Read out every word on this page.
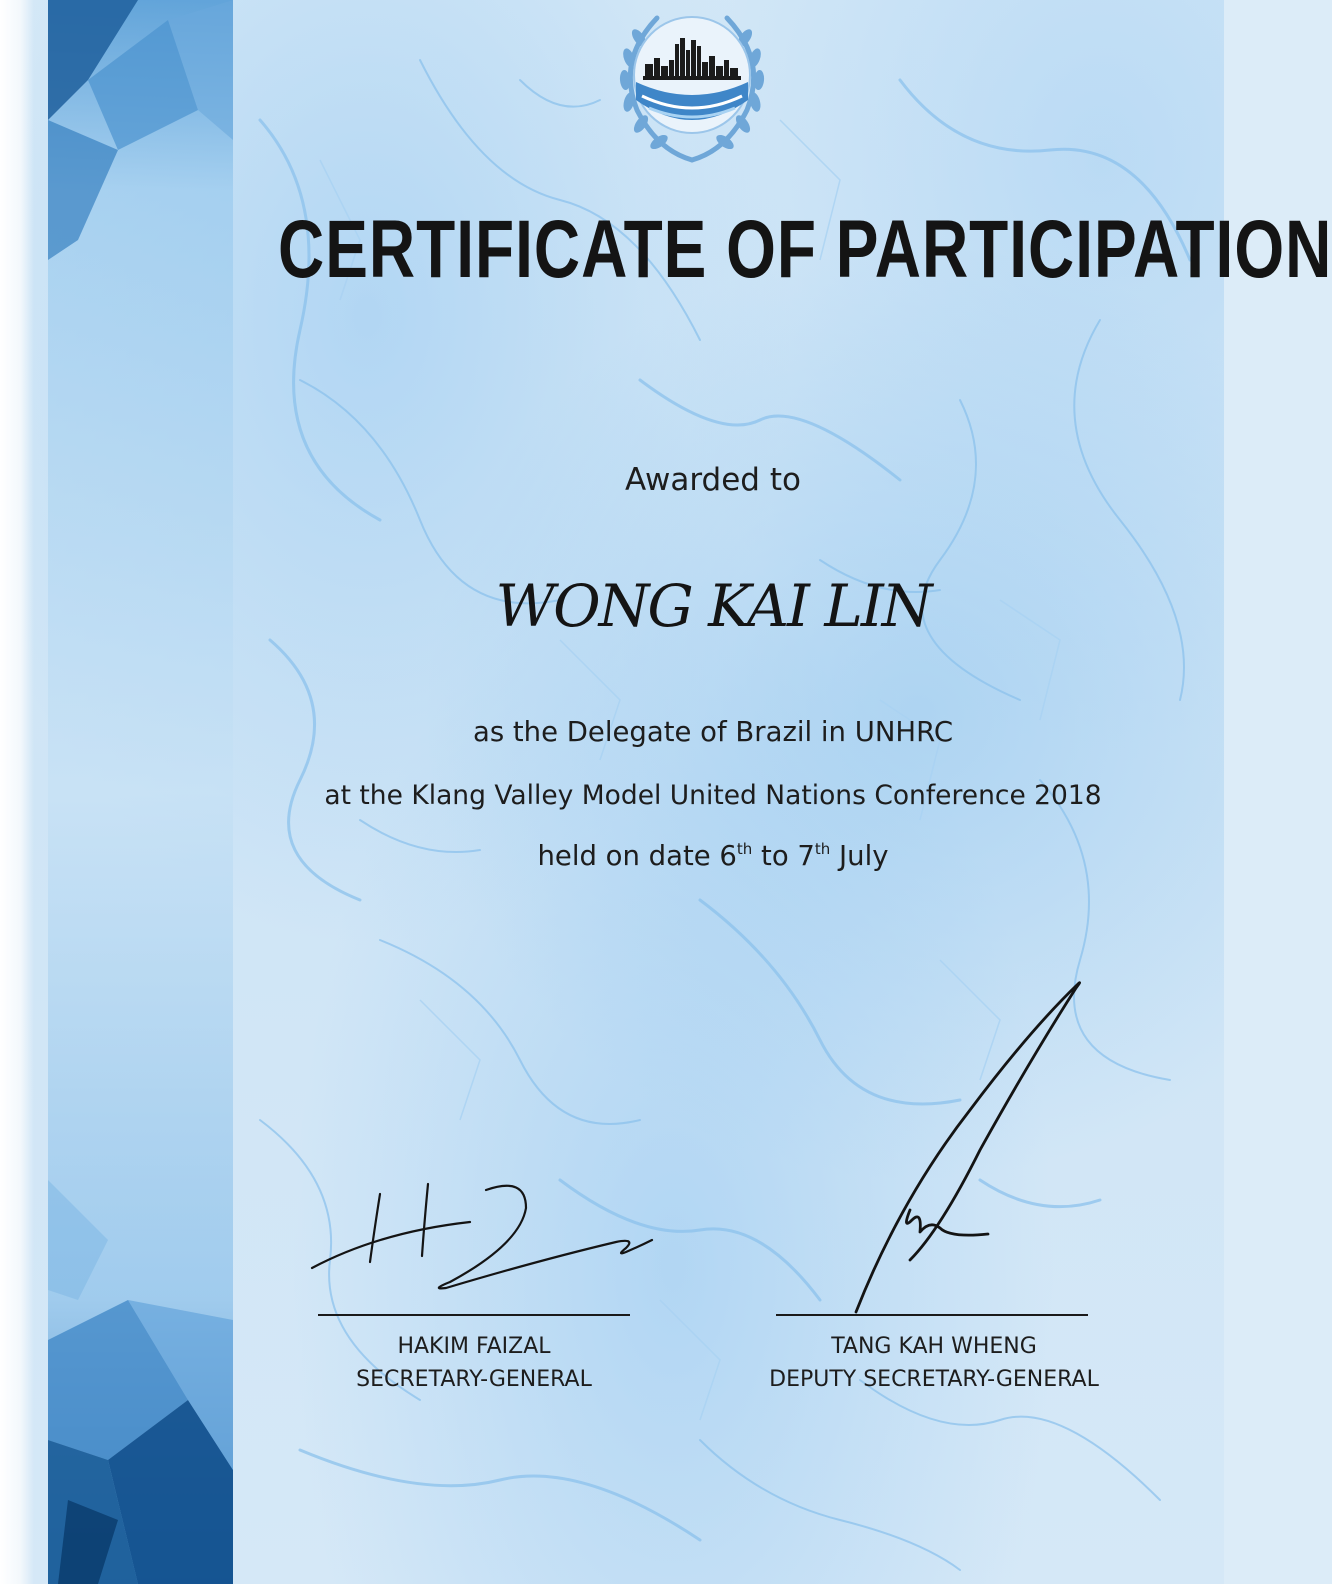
CERTIFICATE OF PARTICIPATION
Awarded to
WONG KAI LIN
as the Delegate of Brazil in UNHRC
at the Klang Valley Model United Nations Conference 2018
held on date 6th to 7th July
HAKIM FAIZAL
SECRETARY-GENERAL
TANG KAH WHENG
DEPUTY SECRETARY-GENERAL
